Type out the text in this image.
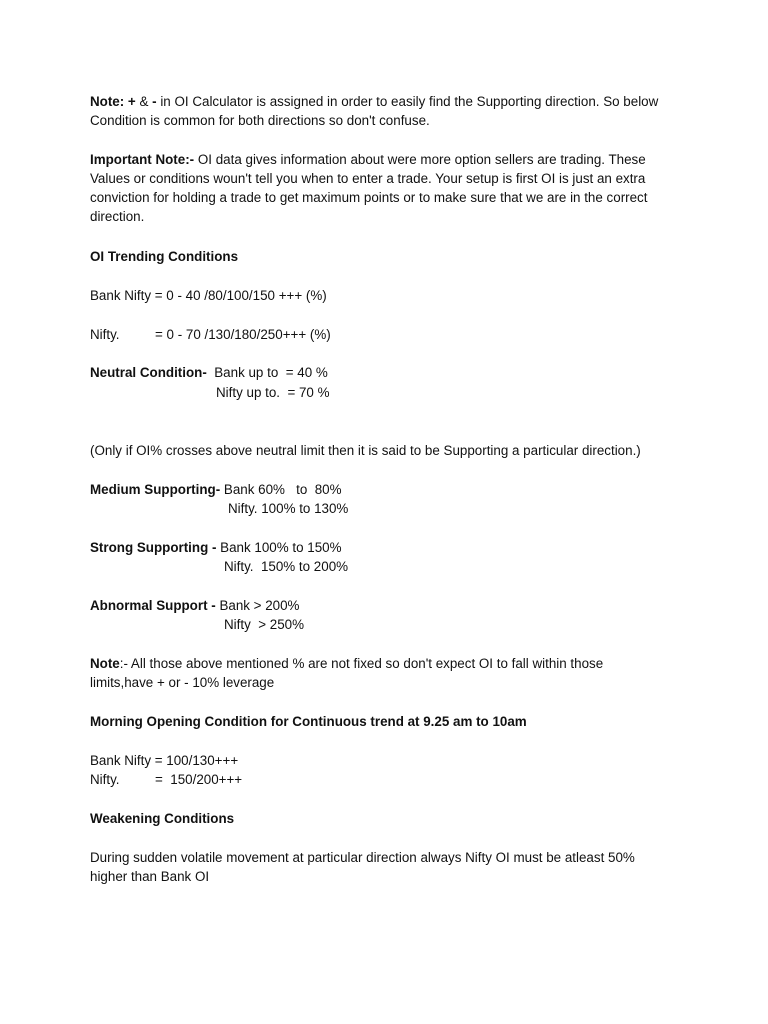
Note: + & - in OI Calculator is assigned in order to easily find the Supporting direction. So below
Condition is common for both directions so don't confuse.
Important Note:- OI data gives information about were more option sellers are trading. These
Values or conditions woun't tell you when to enter a trade. Your setup is first OI is just an extra
conviction for holding a trade to get maximum points or to make sure that we are in the correct
direction.
OI Trending Conditions
Bank Nifty = 0 - 40 /80/100/150 +++ (%)
Nifty.	= 0 - 70 /130/180/250+++ (%)
Neutral Condition-  Bank up to  = 40 %
Nifty up to.  = 70 %
(Only if OI% crosses above neutral limit then it is said to be Supporting a particular direction.)
Medium Supporting- Bank 60%   to  80%
Nifty. 100% to 130%
Strong Supporting - Bank 100% to 150%
Nifty.  150% to 200%
Abnormal Support - Bank > 200%
Nifty  > 250%
Note:- All those above mentioned % are not fixed so don't expect OI to fall within those
limits,have + or - 10% leverage
Morning Opening Condition for Continuous trend at 9.25 am to 10am
Bank Nifty = 100/130+++
Nifty.	=  150/200+++
Weakening Conditions
During sudden volatile movement at particular direction always Nifty OI must be atleast 50%
higher than Bank OI
